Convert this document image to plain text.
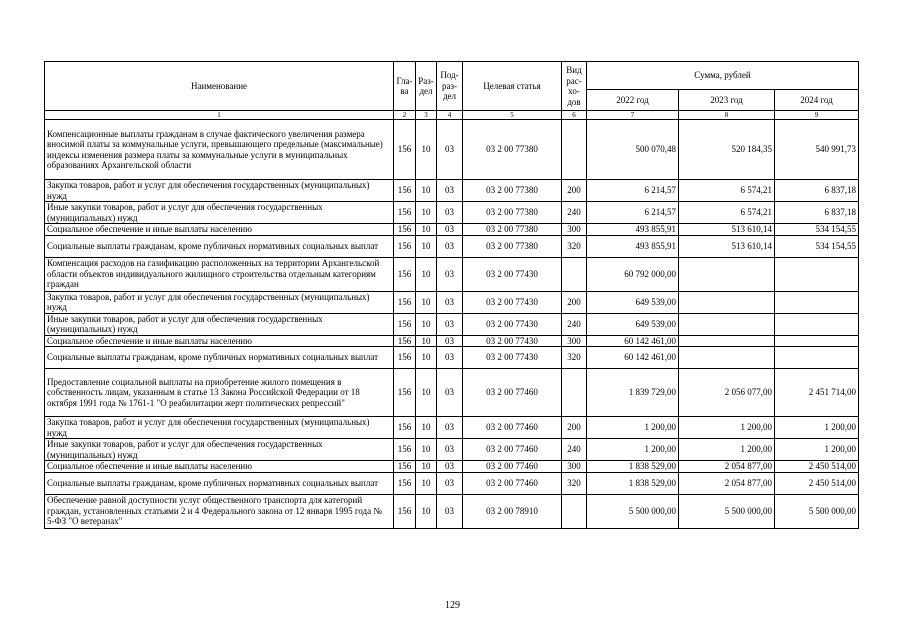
Наименование	Гла-ва	Раз-дел	Под-раз-дел	Целевая статья	Вид рас-хо-дов	Сумма, рублей		
						2022 год	2023 год	2024 год
1	2	3	4	5	6	7	8	9
Компенсационные выплаты гражданам в случае фактического увеличения размера вносимой платы за коммунальные услуги, превышающего предельные (максимальные) индексы изменения размера платы за коммунальные услуги в муниципальных образованиях Архангельской области	156	10	03	03 2 00 77380		500 070,48	520 184,35	540 991,73
Закупка товаров, работ и услуг для обеспечения государственных (муниципальных) нужд	156	10	03	03 2 00 77380	200	6 214,57	6 574,21	6 837,18
Иные закупки товаров, работ и услуг для обеспечения государственных (муниципальных) нужд	156	10	03	03 2 00 77380	240	6 214,57	6 574,21	6 837,18
Социальное обеспечение и иные выплаты населению	156	10	03	03 2 00 77380	300	493 855,91	513 610,14	534 154,55
Социальные выплаты гражданам, кроме публичных нормативных социальных выплат	156	10	03	03 2 00 77380	320	493 855,91	513 610,14	534 154,55
Компенсация расходов на газификацию расположенных на территории Архангельской области объектов индивидуального жилищного строительства отдельным категориям граждан	156	10	03	03 2 00 77430		60 792 000,00		
Закупка товаров, работ и услуг для обеспечения государственных (муниципальных) нужд	156	10	03	03 2 00 77430	200	649 539,00		
Иные закупки товаров, работ и услуг для обеспечения государственных (муниципальных) нужд	156	10	03	03 2 00 77430	240	649 539,00		
Социальное обеспечение и иные выплаты населению	156	10	03	03 2 00 77430	300	60 142 461,00		
Социальные выплаты гражданам, кроме публичных нормативных социальных выплат	156	10	03	03 2 00 77430	320	60 142 461,00		
Предоставление социальной выплаты на приобретение жилого помещения в собственность лицам, указанным в статье 13 Закона Российской Федерации от 18 октября 1991 года № 1761-1 "О реабилитации жерт политических репрессий"	156	10	03	03 2 00 77460		1 839 729,00	2 056 077,00	2 451 714,00
Закупка товаров, работ и услуг для обеспечения государственных (муниципальных) нужд	156	10	03	03 2 00 77460	200	1 200,00	1 200,00	1 200,00
Иные закупки товаров, работ и услуг для обеспечения государственных (муниципальных) нужд	156	10	03	03 2 00 77460	240	1 200,00	1 200,00	1 200,00
Социальное обеспечение и иные выплаты населению	156	10	03	03 2 00 77460	300	1 838 529,00	2 054 877,00	2 450 514,00
Социальные выплаты гражданам, кроме публичных нормативных социальных выплат	156	10	03	03 2 00 77460	320	1 838 529,00	2 054 877,00	2 450 514,00
Обеспечение равной доступности услуг общественного транспорта для категорий граждан, установленных статьями 2 и 4 Федерального закона от 12 января 1995 года № 5-ФЗ "О ветеранах"	156	10	03	03 2 00 78910		5 500 000,00	5 500 000,00	5 500 000,00
129
